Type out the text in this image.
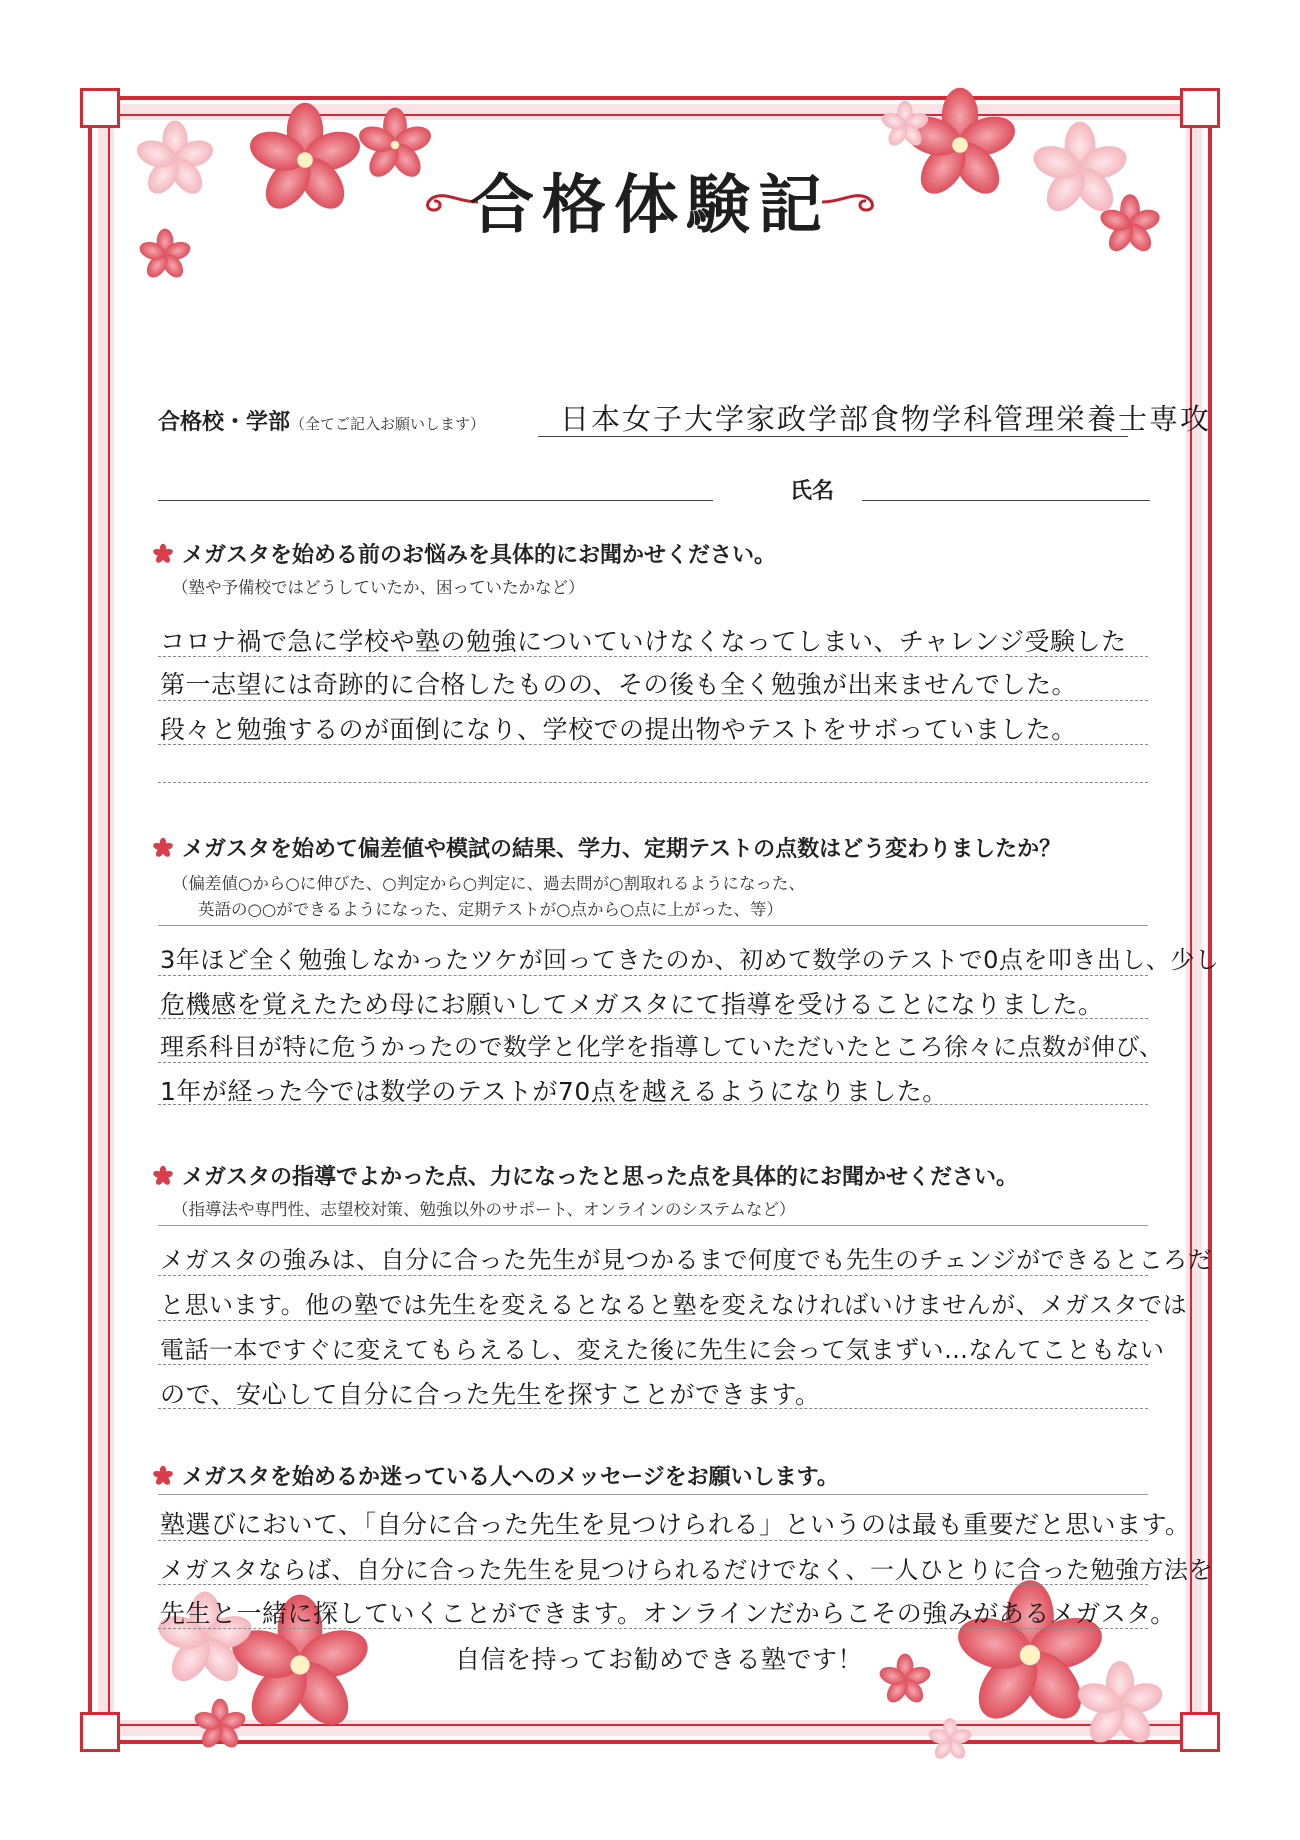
合格体験記
合格校・学部（全てご記入お願いします）	日本女子大学家政学部食物学科管理栄養士専攻
氏名
メガスタを始める前のお悩みを具体的にお聞かせください。
（塾や予備校ではどうしていたか、困っていたかなど）
コロナ禍で急に学校や塾の勉強についていけなくなってしまい、チャレンジ受験した
第一志望には奇跡的に合格したものの、その後も全く勉強が出来ませんでした。
段々と勉強するのが面倒になり、学校での提出物やテストをサボっていました。
メガスタを始めて偏差値や模試の結果、学力、定期テストの点数はどう変わりましたか？
（偏差値○から○に伸びた、○判定から○判定に、過去問が○割取れるようになった、
英語の○○ができるようになった、定期テストが○点から○点に上がった、等）
3年ほど全く勉強しなかったツケが回ってきたのか、初めて数学のテストで0点を叩き出し、少し
危機感を覚えたため母にお願いしてメガスタにて指導を受けることになりました。
理系科目が特に危うかったので数学と化学を指導していただいたところ徐々に点数が伸び、
1年が経った今では数学のテストが70点を越えるようになりました。
メガスタの指導でよかった点、力になったと思った点を具体的にお聞かせください。
（指導法や専門性、志望校対策、勉強以外のサポート、オンラインのシステムなど）
メガスタの強みは、自分に合った先生が見つかるまで何度でも先生のチェンジができるところだ
と思います。他の塾では先生を変えるとなると塾を変えなければいけませんが、メガスタでは
電話一本ですぐに変えてもらえるし、変えた後に先生に会って気まずい…なんてこともない
ので、安心して自分に合った先生を探すことができます。
メガスタを始めるか迷っている人へのメッセージをお願いします。
塾選びにおいて、「自分に合った先生を見つけられる」というのは最も重要だと思います。
メガスタならば、自分に合った先生を見つけられるだけでなく、一人ひとりに合った勉強方法を
先生と一緒に探していくことができます。オンラインだからこその強みがあるメガスタ。
自信を持ってお勧めできる塾です！
